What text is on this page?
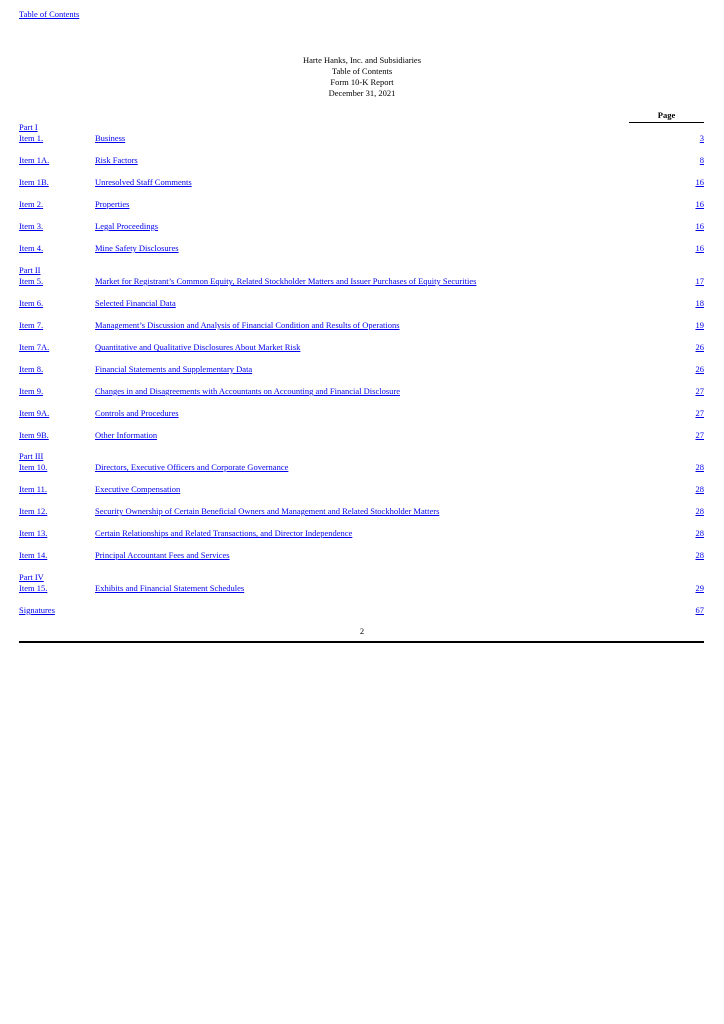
Table of Contents
Harte Hanks, Inc. and Subsidiaries
Table of Contents
Form 10-K Report
December 31, 2021
Page
Part I
Item 1.	Business	3
Item 1A.	Risk Factors	8
Item 1B.	Unresolved Staff Comments	16
Item 2.	Properties	16
Item 3.	Legal Proceedings	16
Item 4.	Mine Safety Disclosures	16
Part II
Item 5.	Market for Registrant’s Common Equity, Related Stockholder Matters and Issuer Purchases of Equity Securities	17
Item 6.	Selected Financial Data	18
Item 7.	Management’s Discussion and Analysis of Financial Condition and Results of Operations	19
Item 7A.	Quantitative and Qualitative Disclosures About Market Risk	26
Item 8.	Financial Statements and Supplementary Data	26
Item 9.	Changes in and Disagreements with Accountants on Accounting and Financial Disclosure	27
Item 9A.	Controls and Procedures	27
Item 9B.	Other Information	27
Part III
Item 10.	Directors, Executive Officers and Corporate Governance	28
Item 11.	Executive Compensation	28
Item 12.	Security Ownership of Certain Beneficial Owners and Management and Related Stockholder Matters	28
Item 13.	Certain Relationships and Related Transactions, and Director Independence	28
Item 14.	Principal Accountant Fees and Services	28
Part IV
Item 15.	Exhibits and Financial Statement Schedules	29
Signatures	67
2
